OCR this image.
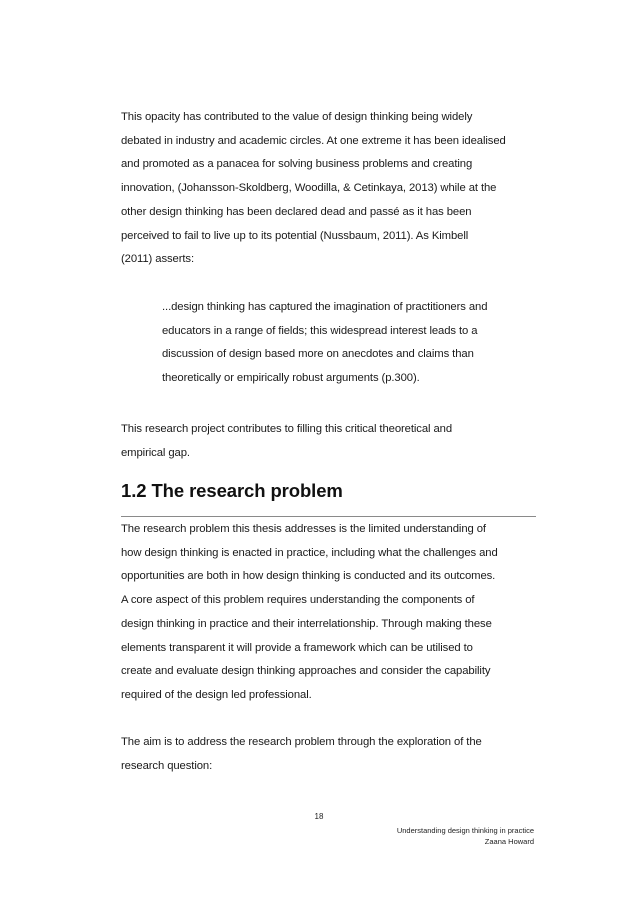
This opacity has contributed to the value of design thinking being widely
debated in industry and academic circles. At one extreme it has been idealised
and promoted as a panacea for solving business problems and creating
innovation, (Johansson-Skoldberg, Woodilla, & Cetinkaya, 2013) while at the
other design thinking has been declared dead and passé as it has been
perceived to fail to live up to its potential (Nussbaum, 2011). As Kimbell
(2011) asserts:

...design thinking has captured the imagination of practitioners and
educators in a range of fields; this widespread interest leads to a
discussion of design based more on anecdotes and claims than
theoretically or empirically robust arguments (p.300).

This research project contributes to filling this critical theoretical and
empirical gap.

1.2 The research problem

The research problem this thesis addresses is the limited understanding of
how design thinking is enacted in practice, including what the challenges and
opportunities are both in how design thinking is conducted and its outcomes.
A core aspect of this problem requires understanding the components of
design thinking in practice and their interrelationship. Through making these
elements transparent it will provide a framework which can be utilised to
create and evaluate design thinking approaches and consider the capability
required of the design led professional.

The aim is to address the research problem through the exploration of the
research question:

18
Understanding design thinking in practice
Zaana Howard
